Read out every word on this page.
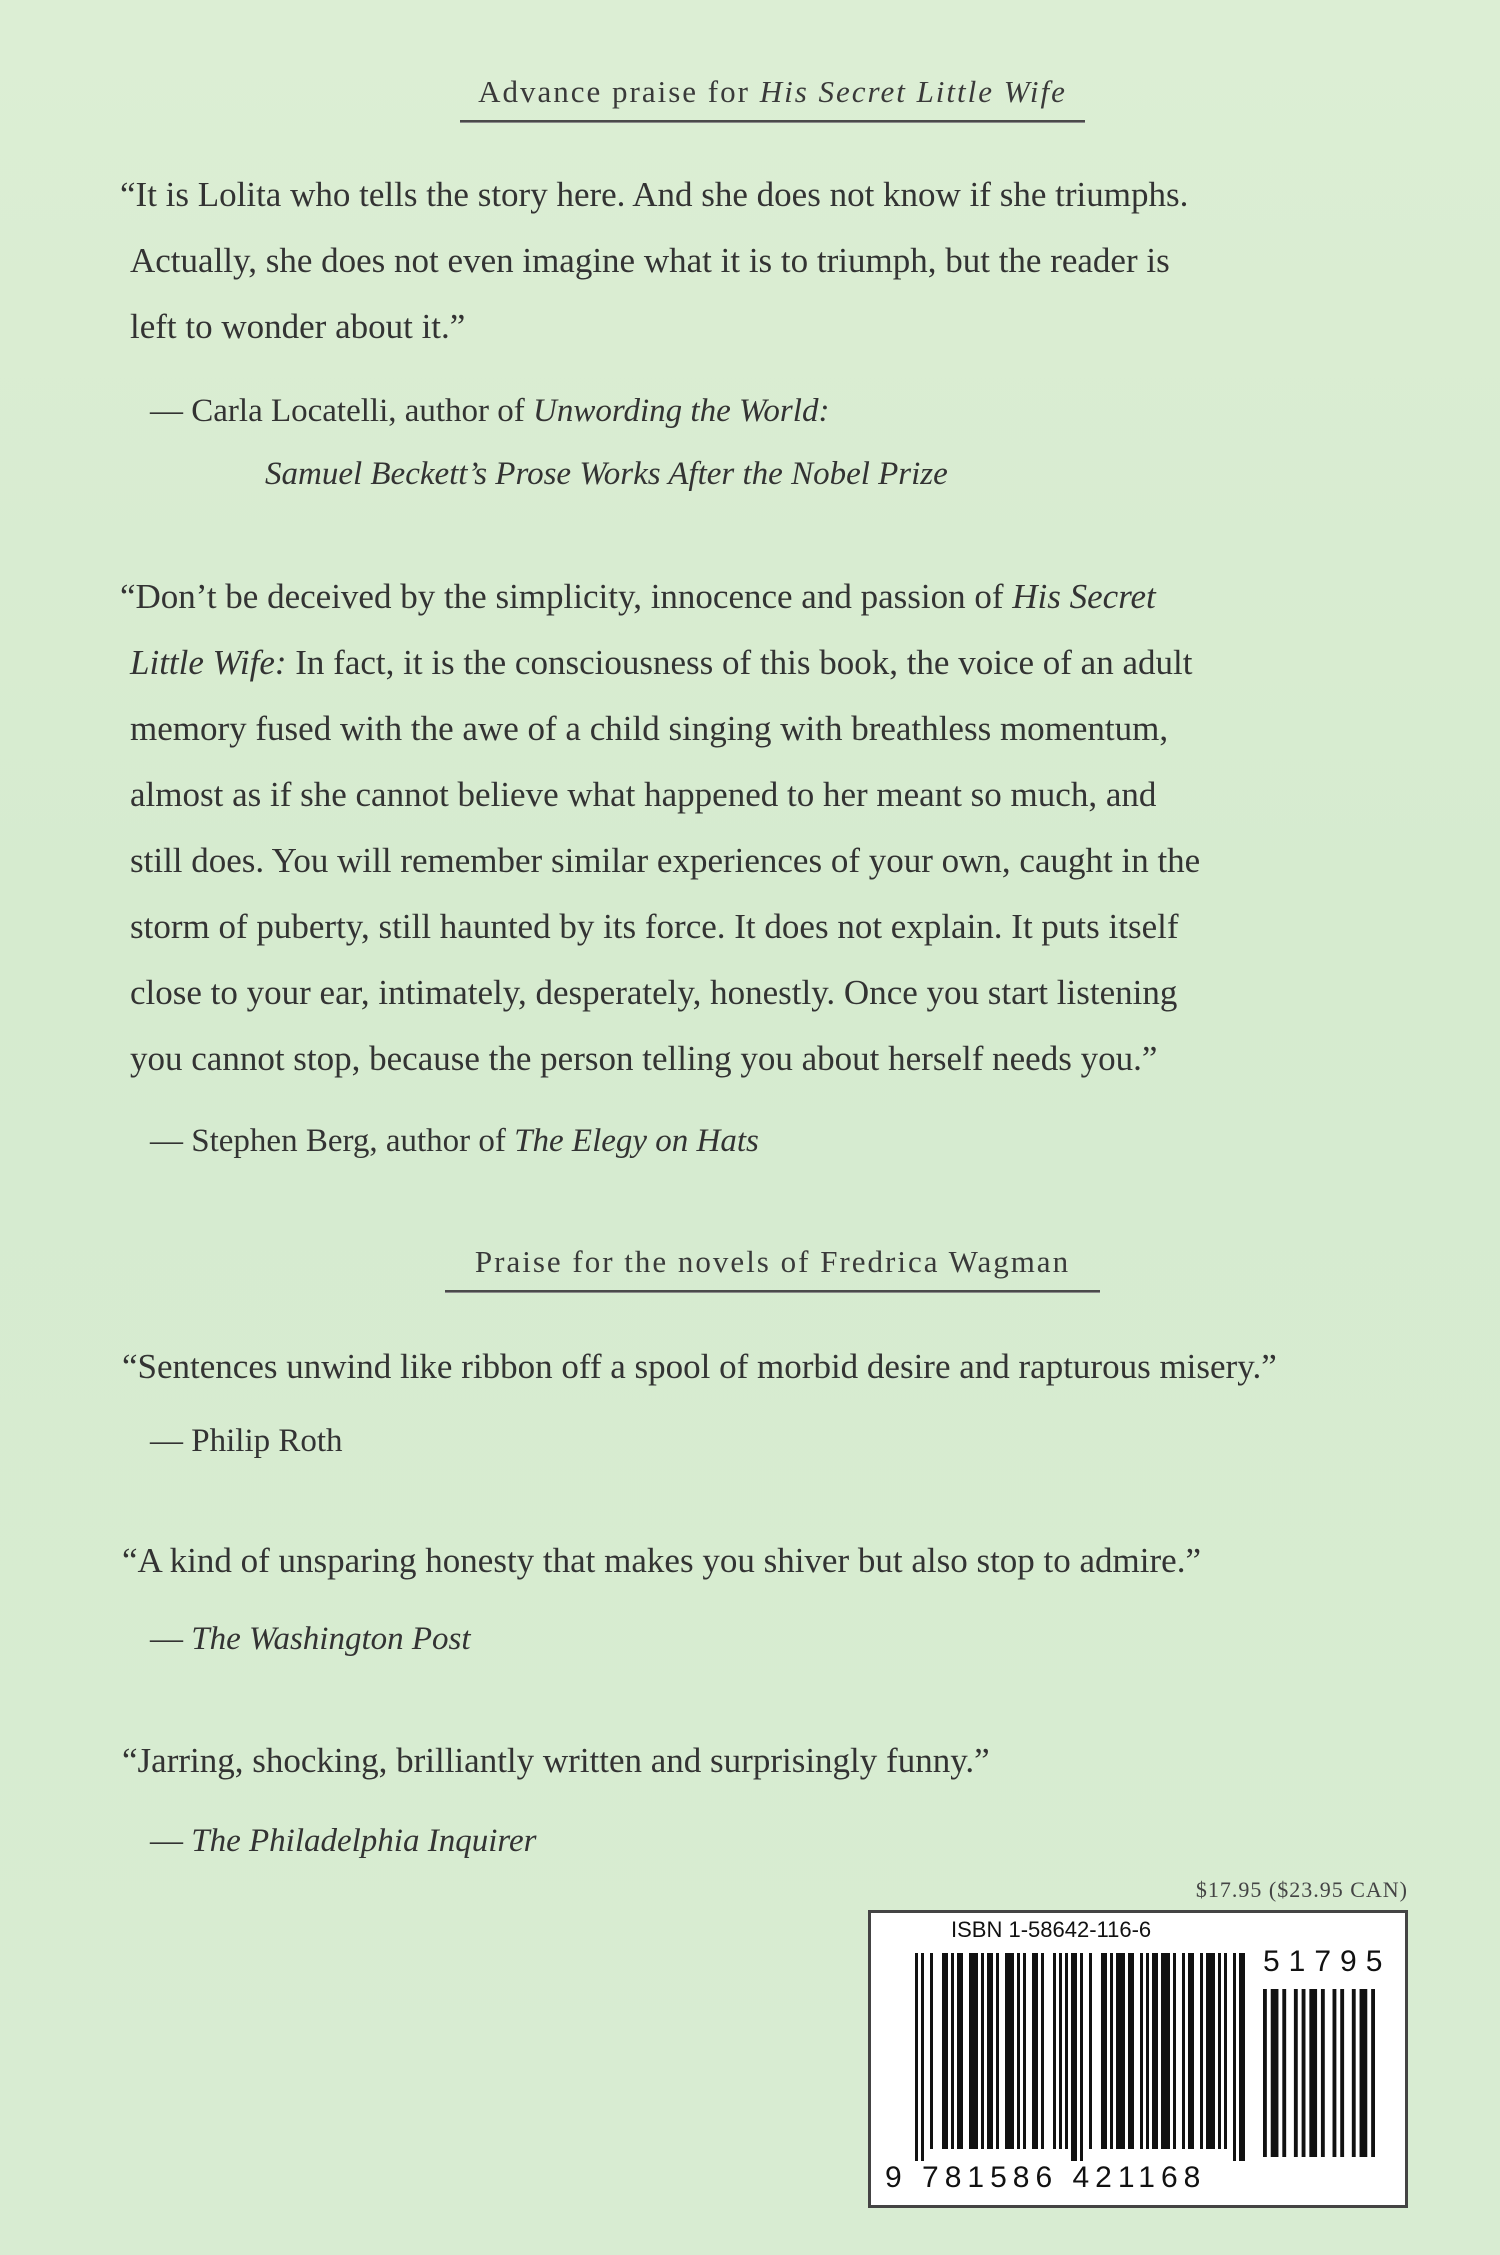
Advance praise for His Secret Little Wife
“It is Lolita who tells the story here. And she does not know if she triumphs.
Actually, she does not even imagine what it is to triumph, but the reader is
left to wonder about it.”
— Carla Locatelli, author of Unwording the World:
Samuel Beckett’s Prose Works After the Nobel Prize
“Don’t be deceived by the simplicity, innocence and passion of His Secret
Little Wife: In fact, it is the consciousness of this book, the voice of an adult
memory fused with the awe of a child singing with breathless momentum,
almost as if she cannot believe what happened to her meant so much, and
still does. You will remember similar experiences of your own, caught in the
storm of puberty, still haunted by its force. It does not explain. It puts itself
close to your ear, intimately, desperately, honestly. Once you start listening
you cannot stop, because the person telling you about herself needs you.”
— Stephen Berg, author of The Elegy on Hats
Praise for the novels of Fredrica Wagman
“Sentences unwind like ribbon off a spool of morbid desire and rapturous misery.”
— Philip Roth
“A kind of unsparing honesty that makes you shiver but also stop to admire.”
— The Washington Post
“Jarring, shocking, brilliantly written and surprisingly funny.”
— The Philadelphia Inquirer
$17.95 ($23.95 CAN)
ISBN 1-58642-116-6
51795
9 781586 421168
